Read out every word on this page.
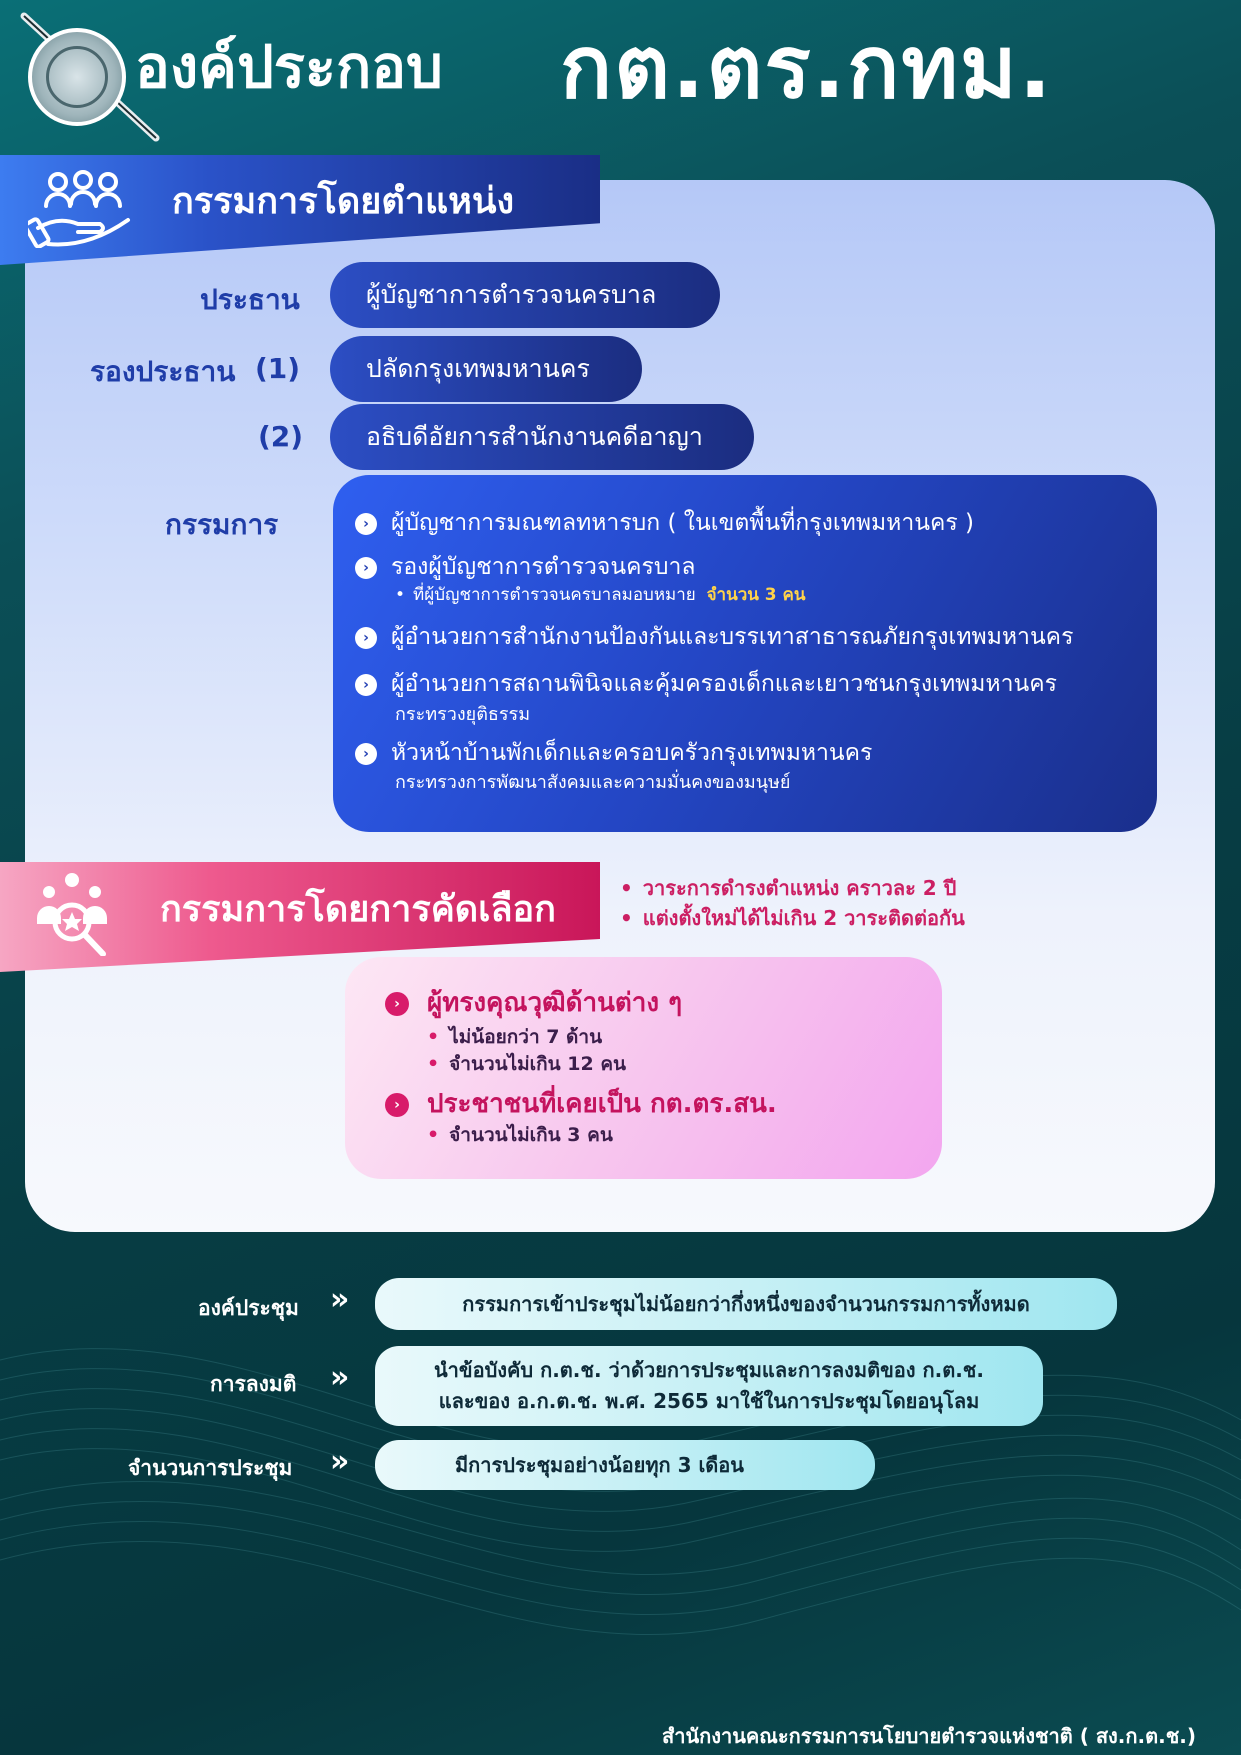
องค์ประกอบ กต.ตร.กทม.
กรรมการโดยตำแหน่ง
ประธาน	ผู้บัญชาการตำรวจนครบาล
รองประธาน (1)	ปลัดกรุงเทพมหานคร
(2)	อธิบดีอัยการสำนักงานคดีอาญา
กรรมการ	› ผู้บัญชาการมณฑลทหารบก ( ในเขตพื้นที่กรุงเทพมหานคร )
› รองผู้บัญชาการตำรวจนครบาล
• ที่ผู้บัญชาการตำรวจนครบาลมอบหมาย จำนวน 3 คน
› ผู้อำนวยการสำนักงานป้องกันและบรรเทาสาธารณภัยกรุงเทพมหานคร
› ผู้อำนวยการสถานพินิจและคุ้มครองเด็กและเยาวชนกรุงเทพมหานคร
กระทรวงยุติธรรม
› หัวหน้าบ้านพักเด็กและครอบครัวกรุงเทพมหานคร
กระทรวงการพัฒนาสังคมและความมั่นคงของมนุษย์
กรรมการโดยการคัดเลือก
• วาระการดำรงตำแหน่ง คราวละ 2 ปี
• แต่งตั้งใหม่ได้ไม่เกิน 2 วาระติดต่อกัน
› ผู้ทรงคุณวุฒิด้านต่าง ๆ
• ไม่น้อยกว่า 7 ด้าน
• จำนวนไม่เกิน 12 คน
› ประชาชนที่เคยเป็น กต.ตร.สน.
• จำนวนไม่เกิน 3 คน
องค์ประชุม »	กรรมการเข้าประชุมไม่น้อยกว่ากึ่งหนึ่งของจำนวนกรรมการทั้งหมด
การลงมติ »	นำข้อบังคับ ก.ต.ช. ว่าด้วยการประชุมและการลงมติของ ก.ต.ช.
และของ อ.ก.ต.ช. พ.ศ. 2565 มาใช้ในการประชุมโดยอนุโลม
จำนวนการประชุม »	มีการประชุมอย่างน้อยทุก 3 เดือน
สำนักงานคณะกรรมการนโยบายตำรวจแห่งชาติ ( สง.ก.ต.ช.)
